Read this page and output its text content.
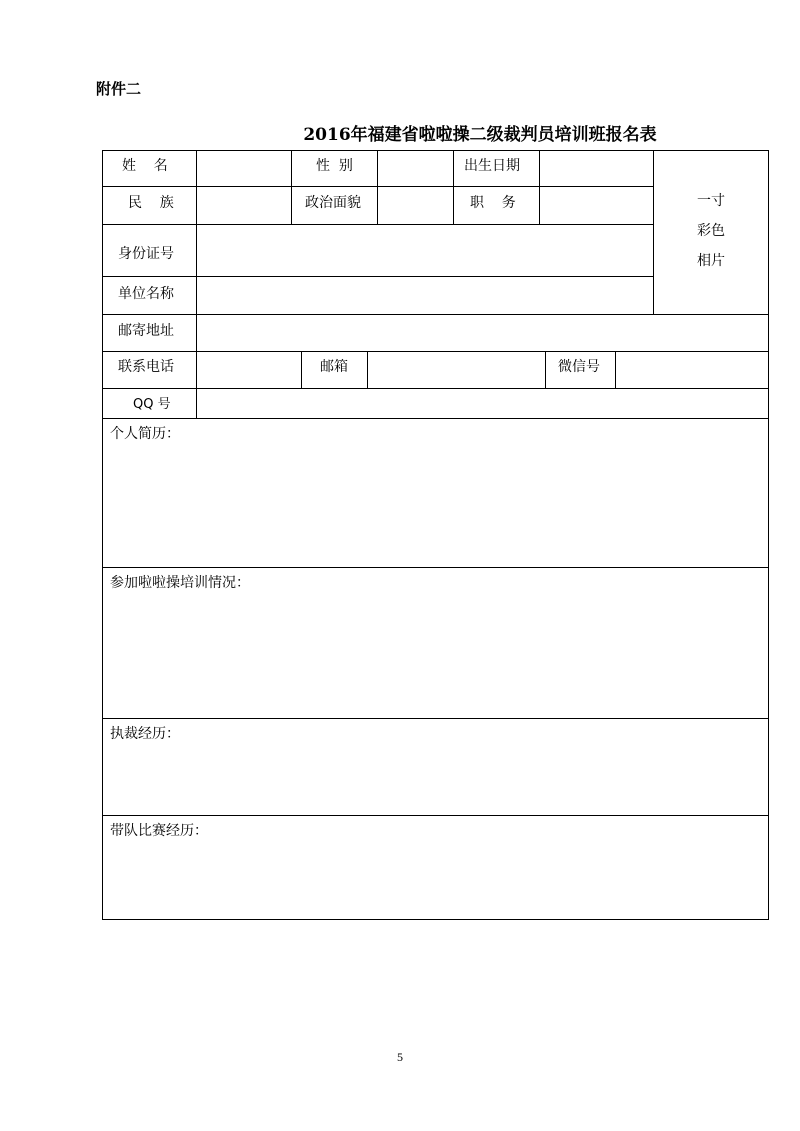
附件二
2016年福建省啦啦操二级裁判员培训班报名表
姓    名	性  别	出生日期
民    族	政治面貌	职    务
身份证号
单位名称
一寸
彩色
相片
邮寄地址
联系电话	邮箱	微信号
QQ 号
个人简历：
参加啦啦操培训情况：
执裁经历：
带队比赛经历：
5
